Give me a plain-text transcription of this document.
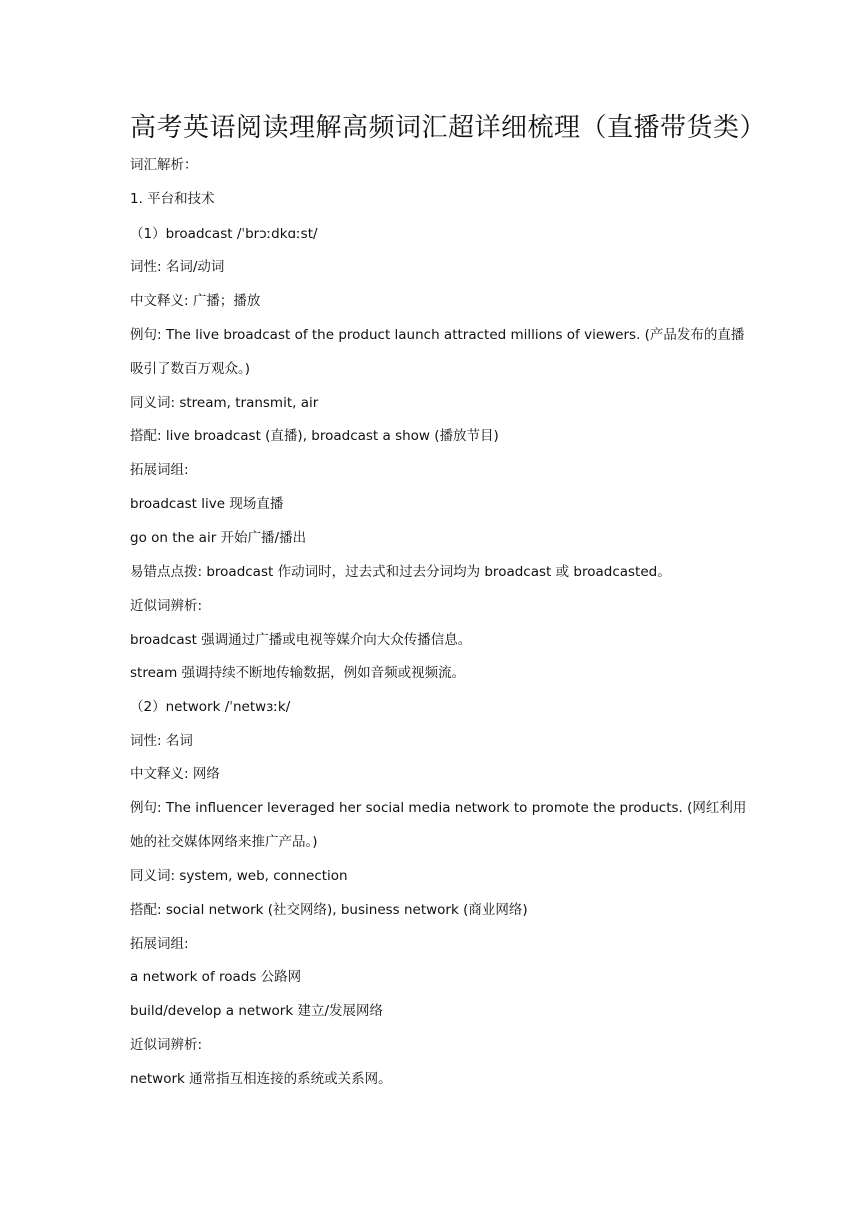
高考英语阅读理解高频词汇超详细梳理（直播带货类）
词汇解析：
1. 平台和技术
（1）broadcast /ˈbrɔːdkɑːst/
词性: 名词/动词
中文释义: 广播；播放
例句: The live broadcast of the product launch attracted millions of viewers. (产品发布的直播吸引了数百万观众。)
同义词: stream, transmit, air
搭配: live broadcast (直播), broadcast a show (播放节目)
拓展词组:
broadcast live 现场直播
go on the air 开始广播/播出
易错点点拨: broadcast 作动词时，过去式和过去分词均为 broadcast 或 broadcasted。
近似词辨析:
broadcast 强调通过广播或电视等媒介向大众传播信息。
stream 强调持续不断地传输数据，例如音频或视频流。
（2）network /ˈnetwɜːk/
词性: 名词
中文释义: 网络
例句: The influencer leveraged her social media network to promote the products. (网红利用她的社交媒体网络来推广产品。)
同义词: system, web, connection
搭配: social network (社交网络), business network (商业网络)
拓展词组:
a network of roads 公路网
build/develop a network 建立/发展网络
近似词辨析:
network 通常指互相连接的系统或关系网。
